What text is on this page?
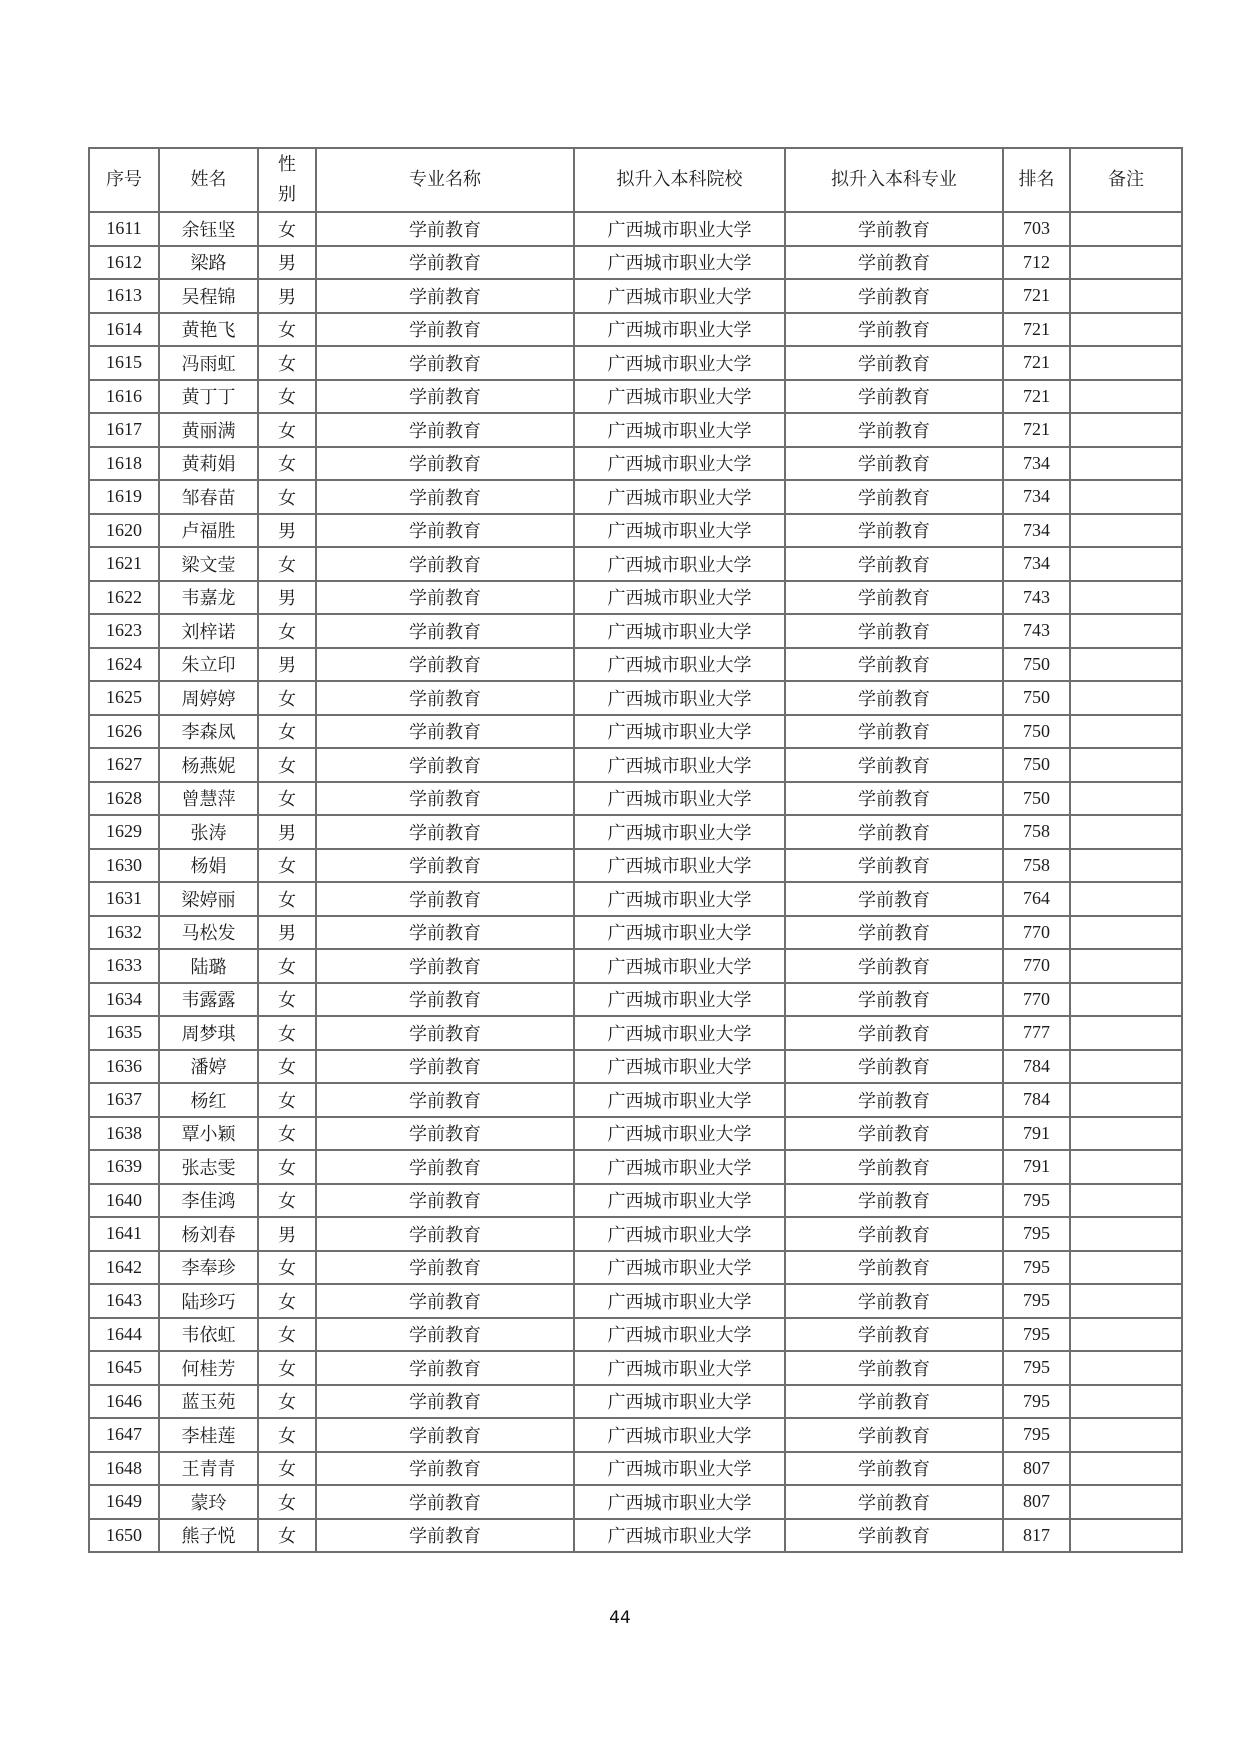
序号	姓名	性别	专业名称	拟升入本科院校	拟升入本科专业	排名	备注
1611	余钰坚	女	学前教育	广西城市职业大学	学前教育	703	
1612	梁路	男	学前教育	广西城市职业大学	学前教育	712	
1613	吴程锦	男	学前教育	广西城市职业大学	学前教育	721	
1614	黄艳飞	女	学前教育	广西城市职业大学	学前教育	721	
1615	冯雨虹	女	学前教育	广西城市职业大学	学前教育	721	
1616	黄丁丁	女	学前教育	广西城市职业大学	学前教育	721	
1617	黄丽满	女	学前教育	广西城市职业大学	学前教育	721	
1618	黄莉娟	女	学前教育	广西城市职业大学	学前教育	734	
1619	邹春苗	女	学前教育	广西城市职业大学	学前教育	734	
1620	卢福胜	男	学前教育	广西城市职业大学	学前教育	734	
1621	梁文莹	女	学前教育	广西城市职业大学	学前教育	734	
1622	韦嘉龙	男	学前教育	广西城市职业大学	学前教育	743	
1623	刘梓诺	女	学前教育	广西城市职业大学	学前教育	743	
1624	朱立印	男	学前教育	广西城市职业大学	学前教育	750	
1625	周婷婷	女	学前教育	广西城市职业大学	学前教育	750	
1626	李森凤	女	学前教育	广西城市职业大学	学前教育	750	
1627	杨燕妮	女	学前教育	广西城市职业大学	学前教育	750	
1628	曾慧萍	女	学前教育	广西城市职业大学	学前教育	750	
1629	张涛	男	学前教育	广西城市职业大学	学前教育	758	
1630	杨娟	女	学前教育	广西城市职业大学	学前教育	758	
1631	梁婷丽	女	学前教育	广西城市职业大学	学前教育	764	
1632	马松发	男	学前教育	广西城市职业大学	学前教育	770	
1633	陆璐	女	学前教育	广西城市职业大学	学前教育	770	
1634	韦露露	女	学前教育	广西城市职业大学	学前教育	770	
1635	周梦琪	女	学前教育	广西城市职业大学	学前教育	777	
1636	潘婷	女	学前教育	广西城市职业大学	学前教育	784	
1637	杨红	女	学前教育	广西城市职业大学	学前教育	784	
1638	覃小颖	女	学前教育	广西城市职业大学	学前教育	791	
1639	张志雯	女	学前教育	广西城市职业大学	学前教育	791	
1640	李佳鸿	女	学前教育	广西城市职业大学	学前教育	795	
1641	杨刘春	男	学前教育	广西城市职业大学	学前教育	795	
1642	李奉珍	女	学前教育	广西城市职业大学	学前教育	795	
1643	陆珍巧	女	学前教育	广西城市职业大学	学前教育	795	
1644	韦依虹	女	学前教育	广西城市职业大学	学前教育	795	
1645	何桂芳	女	学前教育	广西城市职业大学	学前教育	795	
1646	蓝玉苑	女	学前教育	广西城市职业大学	学前教育	795	
1647	李桂莲	女	学前教育	广西城市职业大学	学前教育	795	
1648	王青青	女	学前教育	广西城市职业大学	学前教育	807	
1649	蒙玲	女	学前教育	广西城市职业大学	学前教育	807	
1650	熊子悦	女	学前教育	广西城市职业大学	学前教育	817	
44
